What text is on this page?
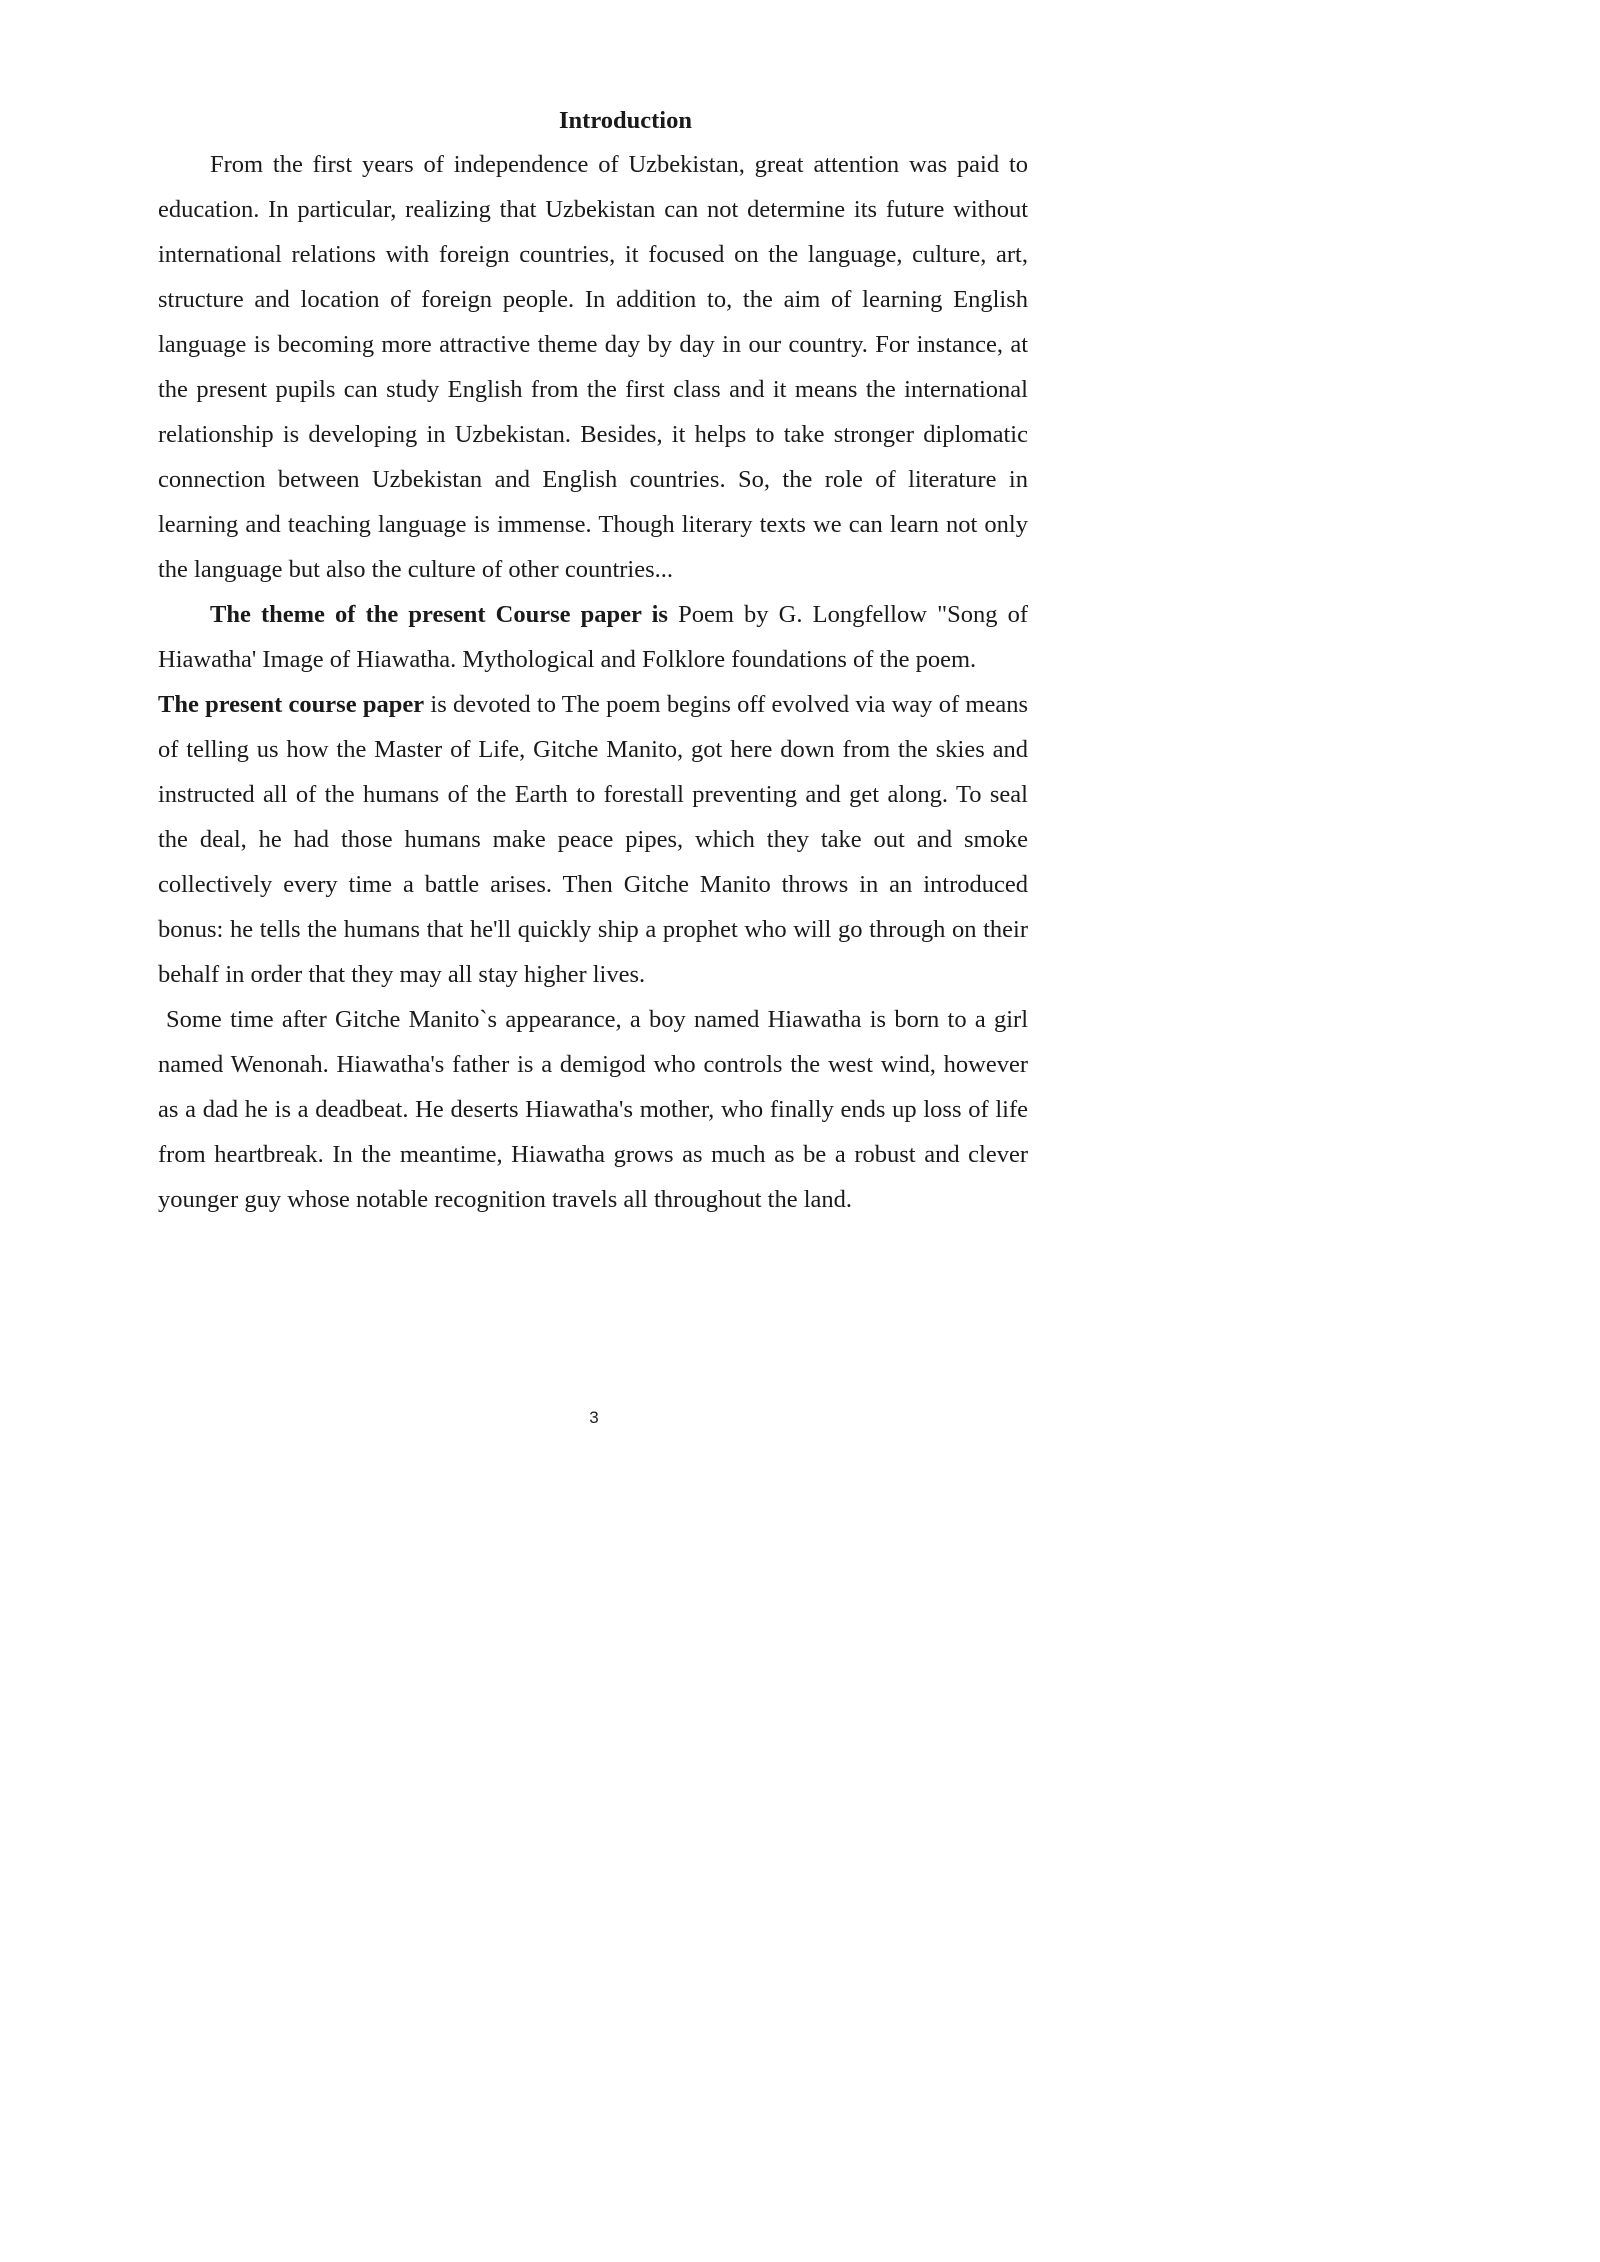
Introduction

From the first years of independence of Uzbekistan, great attention was paid to education. In particular, realizing that Uzbekistan can not determine its future without international relations with foreign countries, it focused on the language, culture, art, structure and location of foreign people. In addition to, the aim of learning English language is becoming more attractive theme day by day in our country. For instance, at the present pupils can study English from the first class and it means the international relationship is developing in Uzbekistan. Besides, it helps to take stronger diplomatic connection between Uzbekistan and English countries. So, the role of literature in learning and teaching language is immense. Though literary texts we can learn not only the language but also the culture of other countries...

The theme of the present Course paper is Poem by G. Longfellow "Song of Hiawatha' Image of Hiawatha. Mythological and Folklore foundations of the poem.

The present course paper is devoted to The poem begins off evolved via way of means of telling us how the Master of Life, Gitche Manito, got here down from the skies and instructed all of the humans of the Earth to forestall preventing and get along. To seal the deal, he had those humans make peace pipes, which they take out and smoke collectively every time a battle arises. Then Gitche Manito throws in an introduced bonus: he tells the humans that he'll quickly ship a prophet who will go through on their behalf in order that they may all stay higher lives.

Some time after Gitche Manito`s appearance, a boy named Hiawatha is born to a girl named Wenonah. Hiawatha's father is a demigod who controls the west wind, however as a dad he is a deadbeat. He deserts Hiawatha's mother, who finally ends up loss of life from heartbreak. In the meantime, Hiawatha grows as much as be a robust and clever younger guy whose notable recognition travels all throughout the land.

3
